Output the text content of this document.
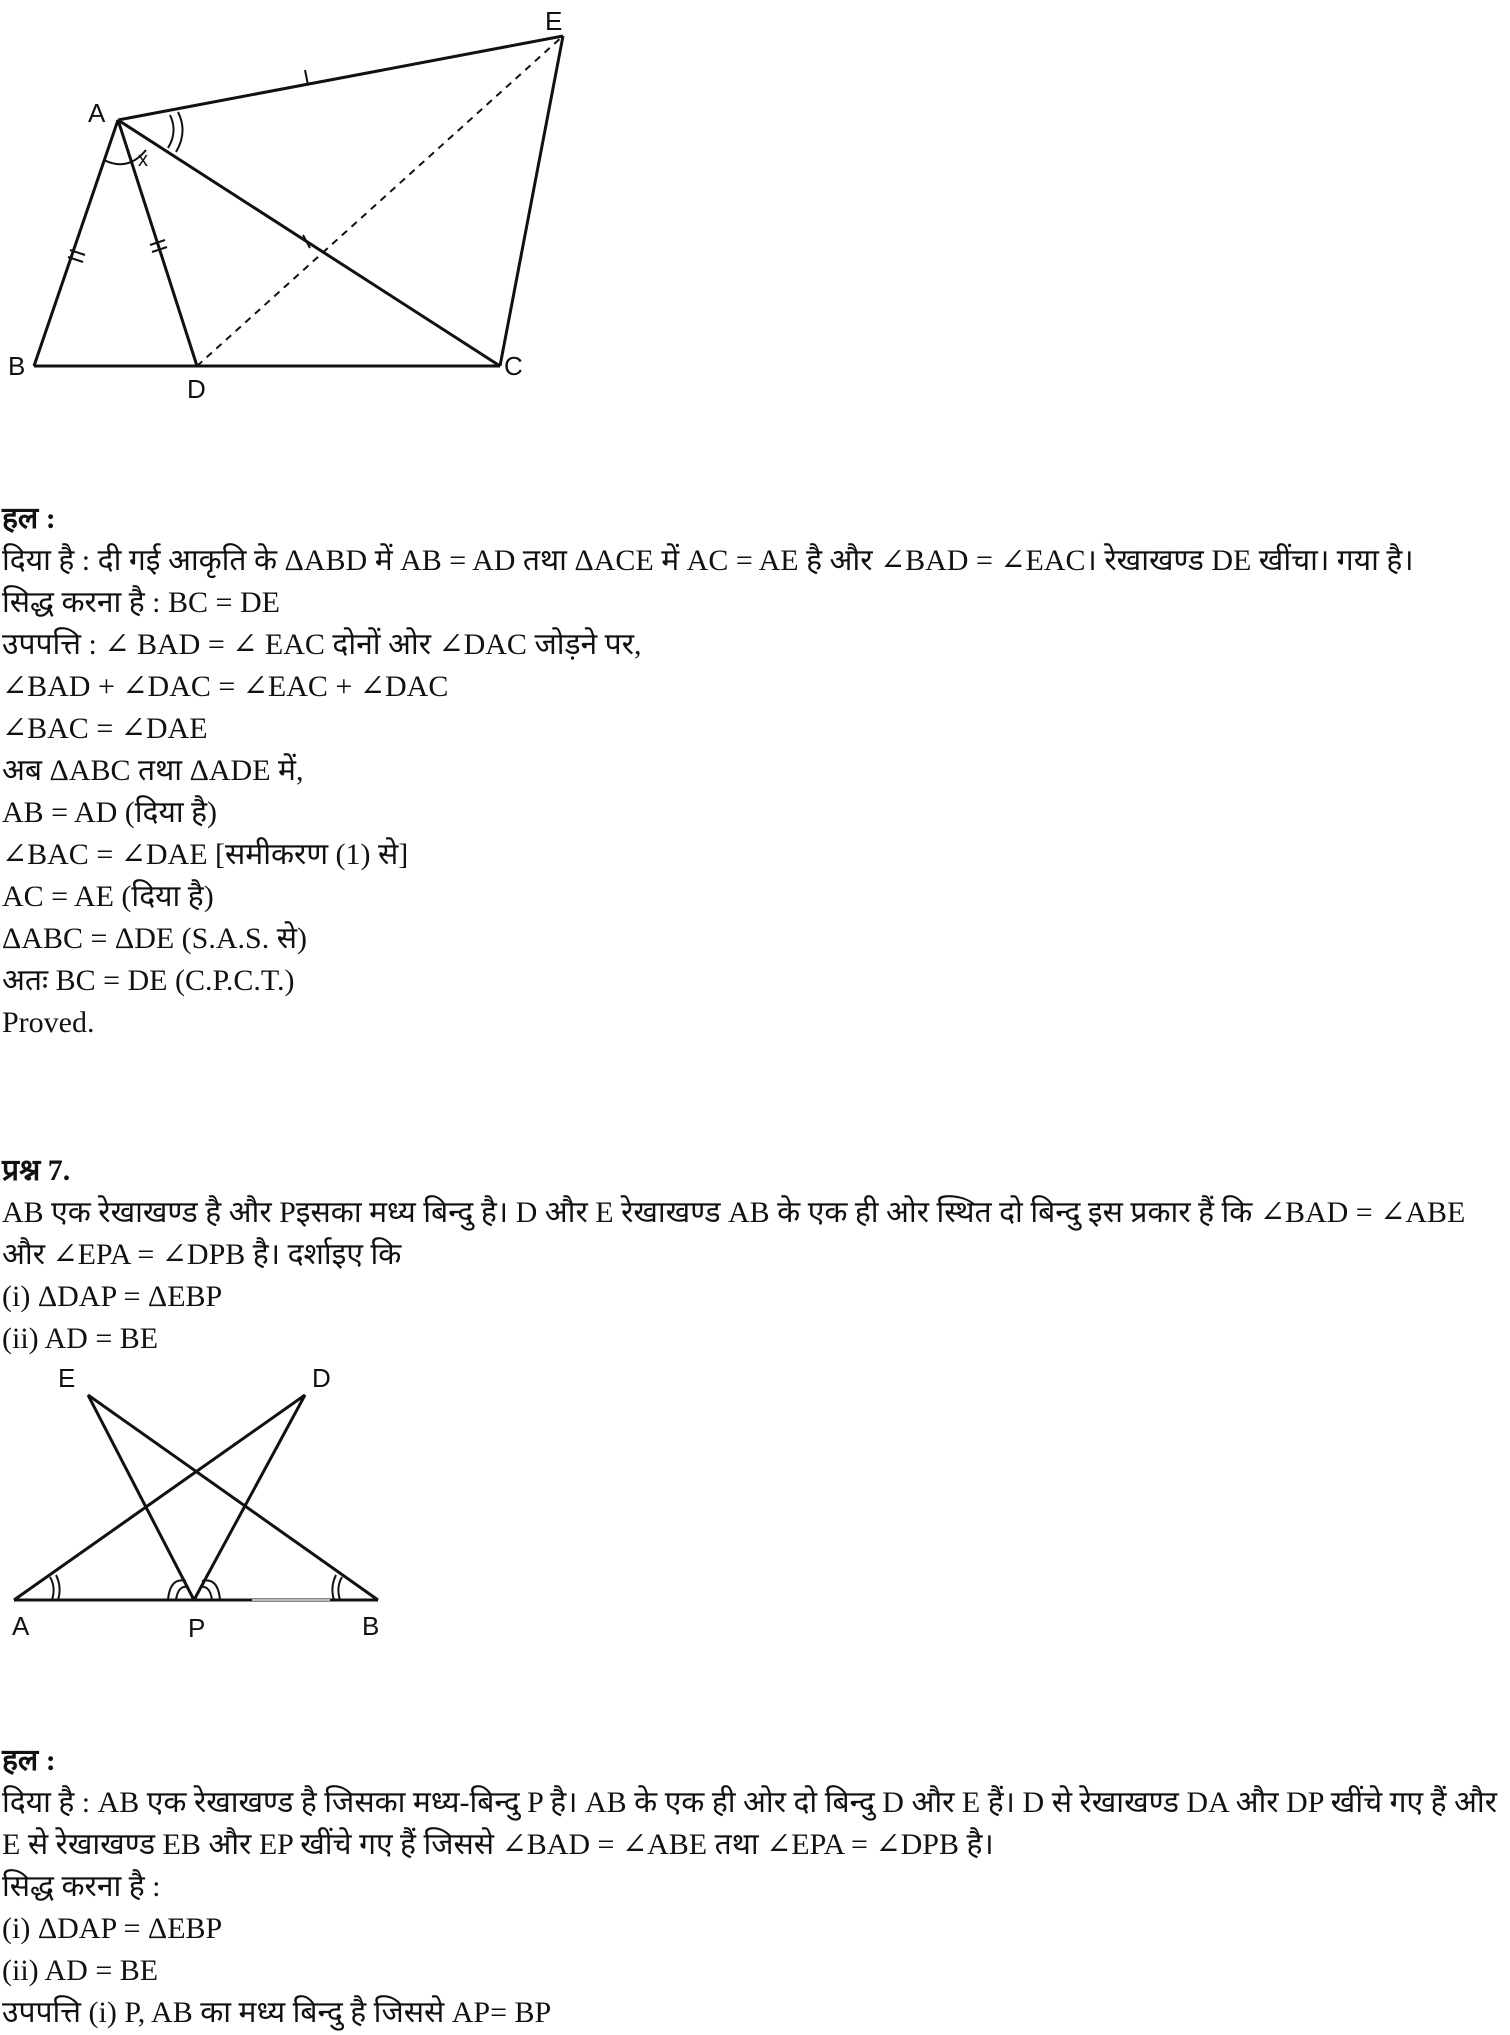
A
B	C
D
E
x
हल :
दिया है : दी गई आकृति के ΔABD में AB = AD तथा ΔACE में AC = AE है और ∠BAD = ∠EAC। रेखाखण्ड DE खींचा। गया है।
सिद्ध करना है : BC = DE
उपपत्ति : ∠ BAD = ∠ EAC दोनों ओर ∠DAC जोड़ने पर,
∠BAD + ∠DAC = ∠EAC + ∠DAC
∠BAC = ∠DAE
अब ΔABC तथा ΔADE में,
AB = AD (दिया है)
∠BAC = ∠DAE [समीकरण (1) से]
AC = AE (दिया है)
ΔABC = ΔDE (S.A.S. से)
अतः BC = DE (C.P.C.T.)
Proved.
प्रश्न 7.
AB एक रेखाखण्ड है और Pइसका मध्य बिन्दु है। D और E रेखाखण्ड AB के एक ही ओर स्थित दो बिन्दु इस प्रकार हैं कि ∠BAD = ∠ABE और ∠EPA = ∠DPB है। दर्शाइए कि
(i) ΔDAP = ΔEBP
(ii) AD = BE
A	P	B
D
E
हल :
दिया है : AB एक रेखाखण्ड है जिसका मध्य-बिन्दु P है। AB के एक ही ओर दो बिन्दु D और E हैं। D से रेखाखण्ड DA और DP खींचे गए हैं और E से रेखाखण्ड EB और EP खींचे गए हैं जिससे ∠BAD = ∠ABE तथा ∠EPA = ∠DPB है।
सिद्ध करना है :
(i) ΔDAP = ΔEBP
(ii) AD = BE
उपपत्ति (i) P, AB का मध्य बिन्दु है जिससे AP= BP
